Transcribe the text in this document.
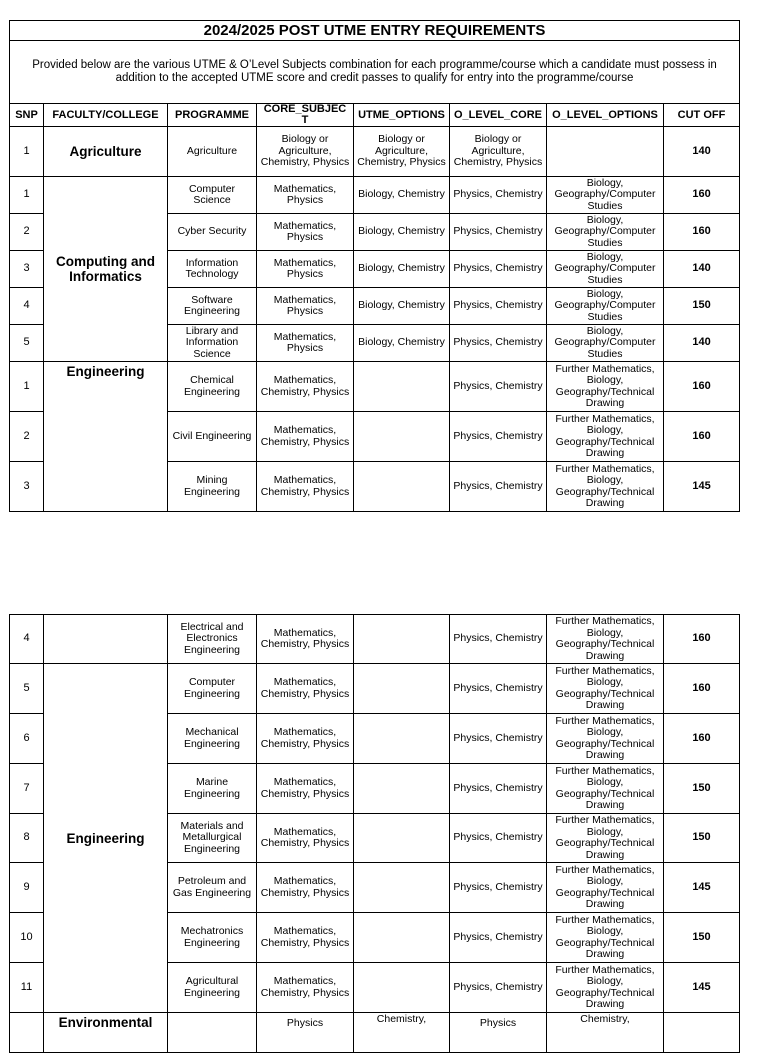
2024/2025 POST UTME ENTRY REQUIREMENTS							
Provided below are the various UTME & O’Level Subjects combination for each programme/course which a candidate must possess in addition to the accepted UTME score and credit passes to qualify for entry into the programme/course							
SNP	FACULTY/COLLEGE	PROGRAMME	CORE_SUBJEC T	UTME_OPTIONS	O_LEVEL_CORE	O_LEVEL_OPTIONS	CUT OFF
1	Agriculture	Agriculture	Biology or Agriculture, Chemistry, Physics	Biology or Agriculture, Chemistry, Physics	Biology or Agriculture, Chemistry, Physics		140
1	Computing and Informatics	Computer Science	Mathematics, Physics	Biology, Chemistry	Physics, Chemistry	Biology, Geography/Computer Studies	160
2		Cyber Security	Mathematics, Physics	Biology, Chemistry	Physics, Chemistry	Biology, Geography/Computer Studies	160
3		Information Technology	Mathematics, Physics	Biology, Chemistry	Physics, Chemistry	Biology, Geography/Computer Studies	140
4		Software Engineering	Mathematics, Physics	Biology, Chemistry	Physics, Chemistry	Biology, Geography/Computer Studies	150
5		Library and Information Science	Mathematics, Physics	Biology, Chemistry	Physics, Chemistry	Biology, Geography/Computer Studies	140
1	Engineering	Chemical Engineering	Mathematics, Chemistry, Physics		Physics, Chemistry	Further Mathematics, Biology, Geography/Technical Drawing	160
2		Civil Engineering	Mathematics, Chemistry, Physics		Physics, Chemistry	Further Mathematics, Biology, Geography/Technical Drawing	160
3		Mining Engineering	Mathematics, Chemistry, Physics		Physics, Chemistry	Further Mathematics, Biology, Geography/Technical Drawing	145
4		Electrical and Electronics Engineering	Mathematics, Chemistry, Physics		Physics, Chemistry	Further Mathematics, Biology, Geography/Technical Drawing	160
5	Engineering	Computer Engineering	Mathematics, Chemistry, Physics		Physics, Chemistry	Further Mathematics, Biology, Geography/Technical Drawing	160
6		Mechanical Engineering	Mathematics, Chemistry, Physics		Physics, Chemistry	Further Mathematics, Biology, Geography/Technical Drawing	160
7		Marine Engineering	Mathematics, Chemistry, Physics		Physics, Chemistry	Further Mathematics, Biology, Geography/Technical Drawing	150
8		Materials and Metallurgical Engineering	Mathematics, Chemistry, Physics		Physics, Chemistry	Further Mathematics, Biology, Geography/Technical Drawing	150
9		Petroleum and Gas Engineering	Mathematics, Chemistry, Physics		Physics, Chemistry	Further Mathematics, Biology, Geography/Technical Drawing	145
10		Mechatronics Engineering	Mathematics, Chemistry, Physics		Physics, Chemistry	Further Mathematics, Biology, Geography/Technical Drawing	150
11		Agricultural Engineering	Mathematics, Chemistry, Physics		Physics, Chemistry	Further Mathematics, Biology, Geography/Technical Drawing	145
	Environmental		Physics	Chemistry,	Physics	Chemistry,	
